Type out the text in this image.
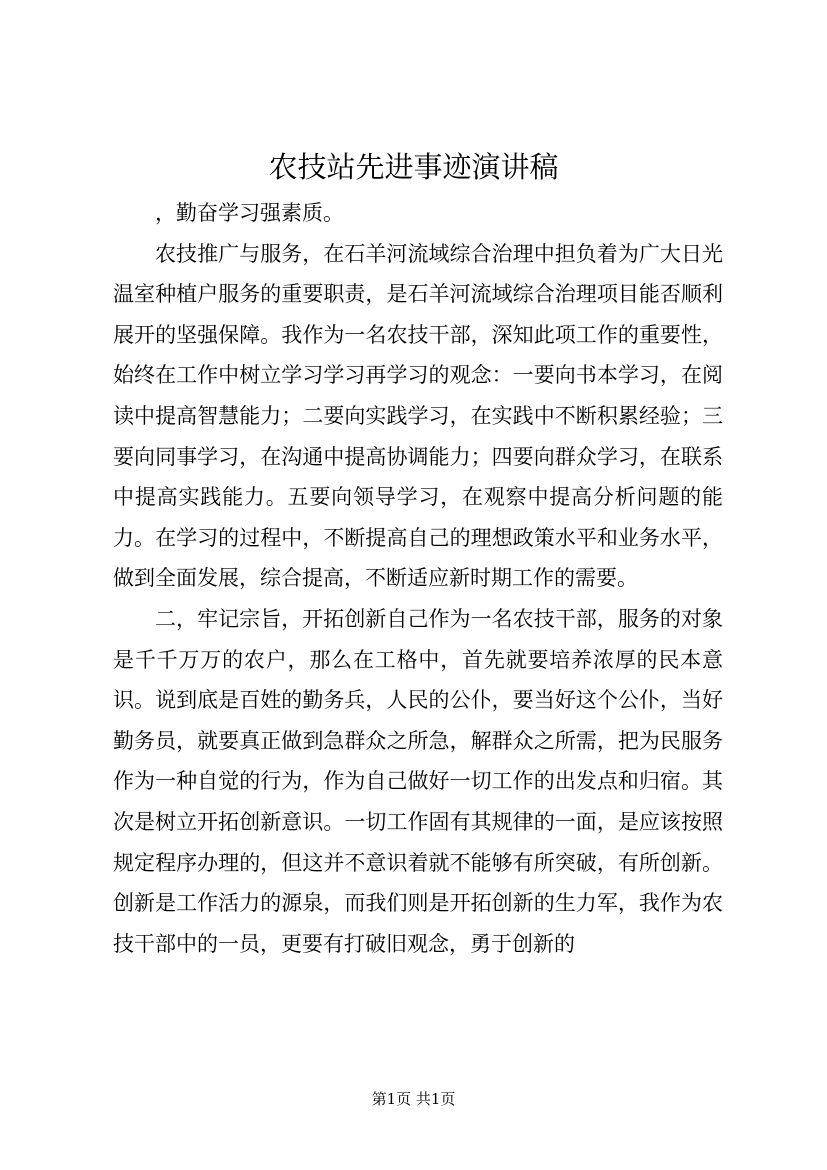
农技站先进事迹演讲稿

，勤奋学习强素质。

农技推广与服务，在石羊河流域综合治理中担负着为广大日光温室种植户服务的重要职责，是石羊河流域综合治理项目能否顺利展开的坚强保障。我作为一名农技干部，深知此项工作的重要性，始终在工作中树立学习学习再学习的观念：一要向书本学习，在阅读中提高智慧能力；二要向实践学习，在实践中不断积累经验；三要向同事学习，在沟通中提高协调能力；四要向群众学习，在联系中提高实践能力。五要向领导学习，在观察中提高分析问题的能力。在学习的过程中，不断提高自己的理想政策水平和业务水平，做到全面发展，综合提高，不断适应新时期工作的需要。

二，牢记宗旨，开拓创新自己作为一名农技干部，服务的对象是千千万万的农户，那么在工格中，首先就要培养浓厚的民本意识。说到底是百姓的勤务兵，人民的公仆，要当好这个公仆，当好勤务员，就要真正做到急群众之所急，解群众之所需，把为民服务作为一种自觉的行为，作为自己做好一切工作的出发点和归宿。其次是树立开拓创新意识。一切工作固有其规律的一面，是应该按照规定程序办理的，但这并不意识着就不能够有所突破，有所创新。创新是工作活力的源泉，而我们则是开拓创新的生力军，我作为农技干部中的一员，更要有打破旧观念，勇于创新的

第1页 共1页
